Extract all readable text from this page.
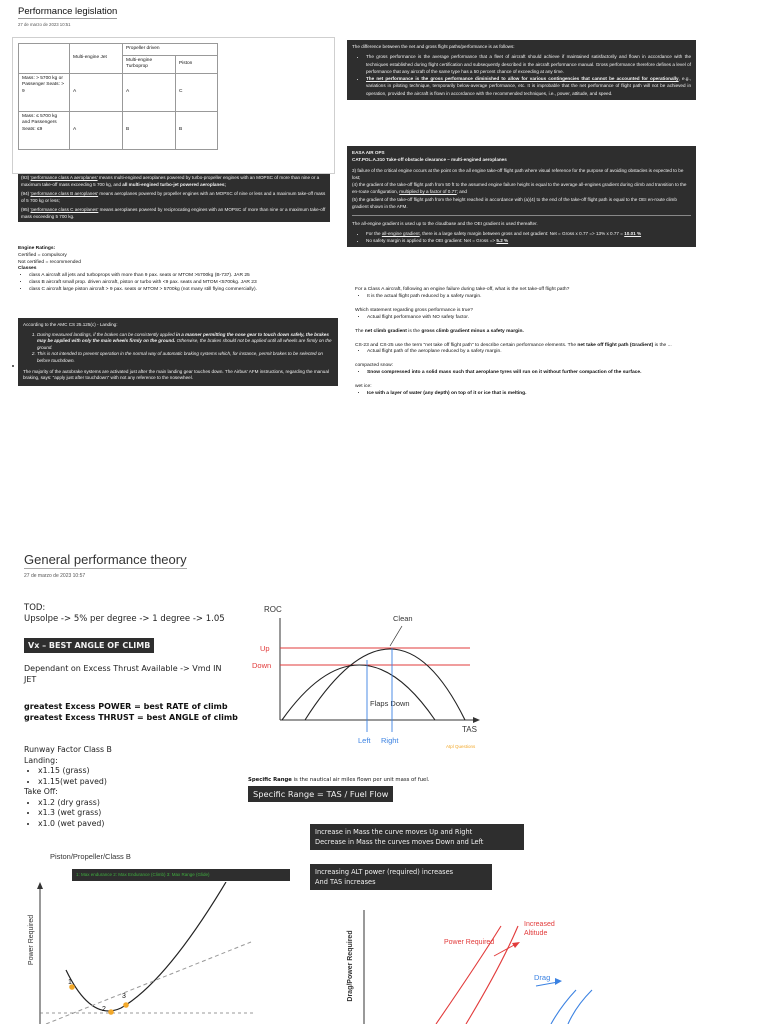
Performance legislation
27 de marzo de 2023 10:51
	Multi-engine Jet	Propeller driven	
		Multi-engine Turboprop	Piston
Mass: > 5700 kg or Passenger Seats: > 9	A	A	C
Mass: ≤ 5700 kg and Passengers Seats: ≤9	A	B	B
(93) 'performance class A aeroplanes' means multi-engined aeroplanes powered by turbo-propeller engines with an MOPSC of more than nine or a maximum take-off mass exceeding 5 700 kg, and all multi-engined turbo-jet powered aeroplanes;
(94) 'performance class B aeroplanes' means aeroplanes powered by propeller engines with an MOPSC of nine or less and a maximum take-off mass of 5 700 kg or less;
(95) 'performance class C aeroplanes' means aeroplanes powered by reciprocating engines with an MOPSC of more than nine or a maximum take-off mass exceeding 5 700 kg.
Engine Ratings:
Certified = compulsory
Not certified = recommended
Classes
• class A aircraft all jets and turboprops with more than 9 pax. seats or MTOM >5700kg (B-737). JAR 25
• class B aircraft small prop. driven aircraft, piston or turbo with <9 pax. seats and MTOM <5700kg. JAR 23
• class C aircraft large piston aircraft > 9 pax. seats or MTOM > 5700kg (not many still flying commercially).
According to the AMC CS 25.125(c) - Landing:
1. During measured landings, if the brakes can be consistently applied in a manner permitting the nose gear to touch down safely, the brakes may be applied with only the main wheels firmly on the ground. Otherwise, the brakes should not be applied until all wheels are firmly on the ground.
2. This is not intended to prevent operation in the normal way of automatic braking systems which, for instance, permit brakes to be selected on before touchdown.
The majority of the autobrake systems are activated just after the main landing gear touches down. The Airbus' AFM instructions, regarding the manual braking, says: "apply just after touchdown" with not any reference to the nosewheel.
The difference between the net and gross flight paths/performance is as follows:
• The gross performance is the average performance that a fleet of aircraft should achieve if maintained satisfactorily and flown in accordance with the techniques established during flight certification and subsequently described in the aircraft performance manual. Gross performance therefore defines a level of performance that any aircraft of the same type has a 50 percent chance of exceeding at any time.
• The net performance is the gross performance diminished to allow for various contingencies that cannot be accounted for operationally, e.g., variations in piloting technique, temporarily below-average performance, etc. It is improbable that the net performance of flight path will not be achieved in operation, provided the aircraft is flown in accordance with the recommended techniques, i.e., power, attitude, and speed.
EASA AIR OPS
CAT.POL.A.310 Take-off obstacle clearance – multi-engined aeroplanes
3) failure of the critical engine occurs at the point on the all engine take-off flight path where visual reference for the purpose of avoiding obstacles is expected to be lost;
(4) the gradient of the take-off flight path from 50 ft to the assumed engine failure height is equal to the average all-engines gradient during climb and transition to the en-route configuration, multiplied by a factor of 0.77; and
(5) the gradient of the take-off flight path from the height reached in accordance with (a)(4) to the end of the take-off flight path is equal to the OEI en-route climb gradient shown in the AFM.
The all-engine gradient is used up to the cloudbase and the OEI gradient is used thereafter.
• For the all-engine gradient, there is a large safety margin between gross and net gradient: Net = Gross x 0.77 => 13% x 0.77 = 10.01 %
• No safety margin is applied to the OEI gradient: Net = Gross => 5.2 %
For a Class A aircraft, following an engine failure during take-off, what is the net take-off flight path?
• It is the actual flight path reduced by a safety margin.
Which statement regarding gross performance is true?
• Actual flight performance with NO safety factor.
The net climb gradient is the gross climb gradient minus a safety margin.
CS-23 and CS-25 use the term "net take off flight path" to describe certain performance elements. The net take off flight path (Gradient) is the ...
• Actual flight path of the aeroplane reduced by a safety margin.
compacted snow:
• Snow compressed into a solid mass such that aeroplane tyres will run on it without further compaction of the surface.
wet ice:
• Ice with a layer of water (any depth) on top of it or ice that is melting.
General performance theory
27 de marzo de 2023 10:57
TOD:
Upsolpe -> 5% per degree -> 1 degree -> 1.05
Vx – BEST ANGLE OF CLIMB
Dependant on Excess Thrust Available -> Vmd IN JET
greatest Excess POWER = best RATE of climb
greatest Excess THRUST = best ANGLE of climb
Runway Factor Class B
Landing:
• x1.15 (grass)
• x1.15(wet paved)
Take Off:
• x1.2 (dry grass)
• x1.3 (wet grass)
• x1.0 (wet paved)
Piston/Propeller/Class B
1: Max endurance 2: Max Endurance (Climb) 3: Max Range (Glide)
Power Required
1
2
3
ROC
TAS
Up
Down
Clean
Flaps Down
Left Right
Atpl Questions
Specific Range is the nautical air miles flown per unit mass of fuel.
Specific Range = TAS / Fuel Flow
Increase in Mass the curve moves Up and Right
Decrease in Mass the curves moves Down and Left
Increasing ALT power (required) increases
And TAS increases
Drag/Power Required	Power Required
Increased
Altitude
Drag
